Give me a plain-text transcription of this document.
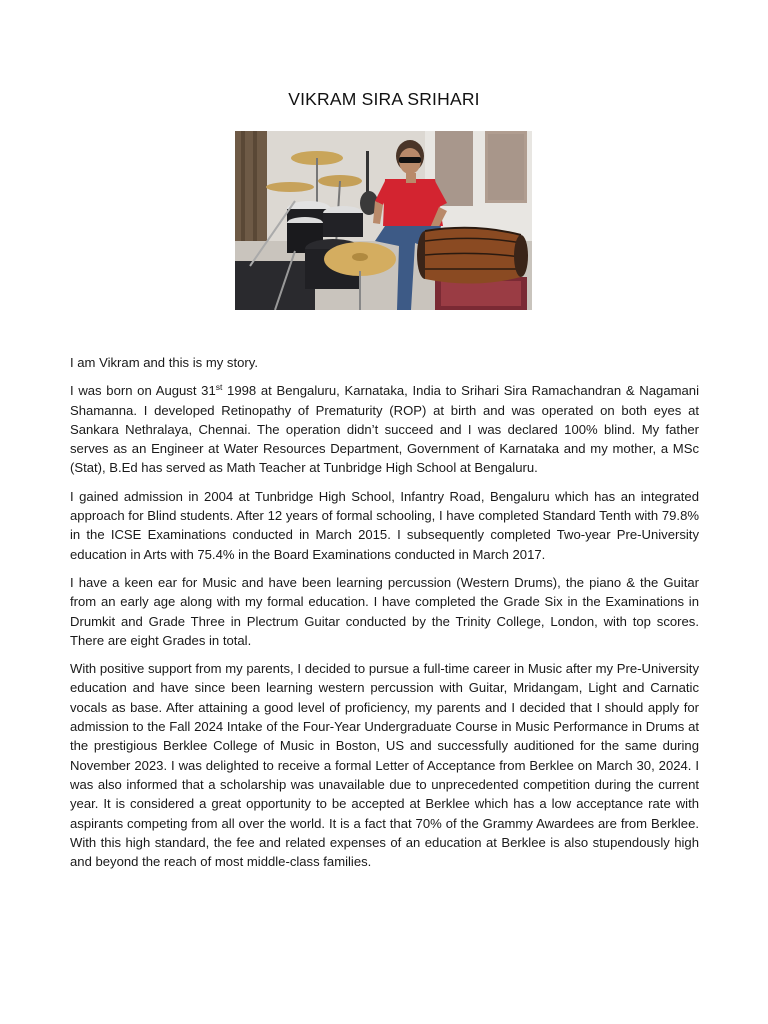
VIKRAM SIRA SRIHARI

I am Vikram and this is my story.

I was born on August 31st 1998 at Bengaluru, Karnataka, India to Srihari Sira Ramachandran & Nagamani Shamanna. I developed Retinopathy of Prematurity (ROP) at birth and was operated on both eyes at Sankara Nethralaya, Chennai. The operation didn’t succeed and I was declared 100% blind. My father serves as an Engineer at Water Resources Department, Government of Karnataka and my mother, a MSc (Stat), B.Ed has served as Math Teacher at Tunbridge High School at Bengaluru.

I gained admission in 2004 at Tunbridge High School, Infantry Road, Bengaluru which has an integrated approach for Blind students. After 12 years of formal schooling, I have completed Standard Tenth with 79.8% in the ICSE Examinations conducted in March 2015. I subsequently completed Two-year Pre-University education in Arts with 75.4% in the Board Examinations conducted in March 2017.

I have a keen ear for Music and have been learning percussion (Western Drums), the piano & the Guitar from an early age along with my formal education. I have completed the Grade Six in the Examinations in Drumkit and Grade Three in Plectrum Guitar conducted by the Trinity College, London, with top scores. There are eight Grades in total.

With positive support from my parents, I decided to pursue a full-time career in Music after my Pre-University education and have since been learning western percussion with Guitar, Mridangam, Light and Carnatic vocals as base. After attaining a good level of proficiency, my parents and I decided that I should apply for admission to the Fall 2024 Intake of the Four-Year Undergraduate Course in Music Performance in Drums at the prestigious Berklee College of Music in Boston, US and successfully auditioned for the same during November 2023. I was delighted to receive a formal Letter of Acceptance from Berklee on March 30, 2024. I was also informed that a scholarship was unavailable due to unprecedented competition during the current year. It is considered a great opportunity to be accepted at Berklee which has a low acceptance rate with aspirants competing from all over the world. It is a fact that 70% of the Grammy Awardees are from Berklee. With this high standard, the fee and related expenses of an education at Berklee is also stupendously high and beyond the reach of most middle-class families.
